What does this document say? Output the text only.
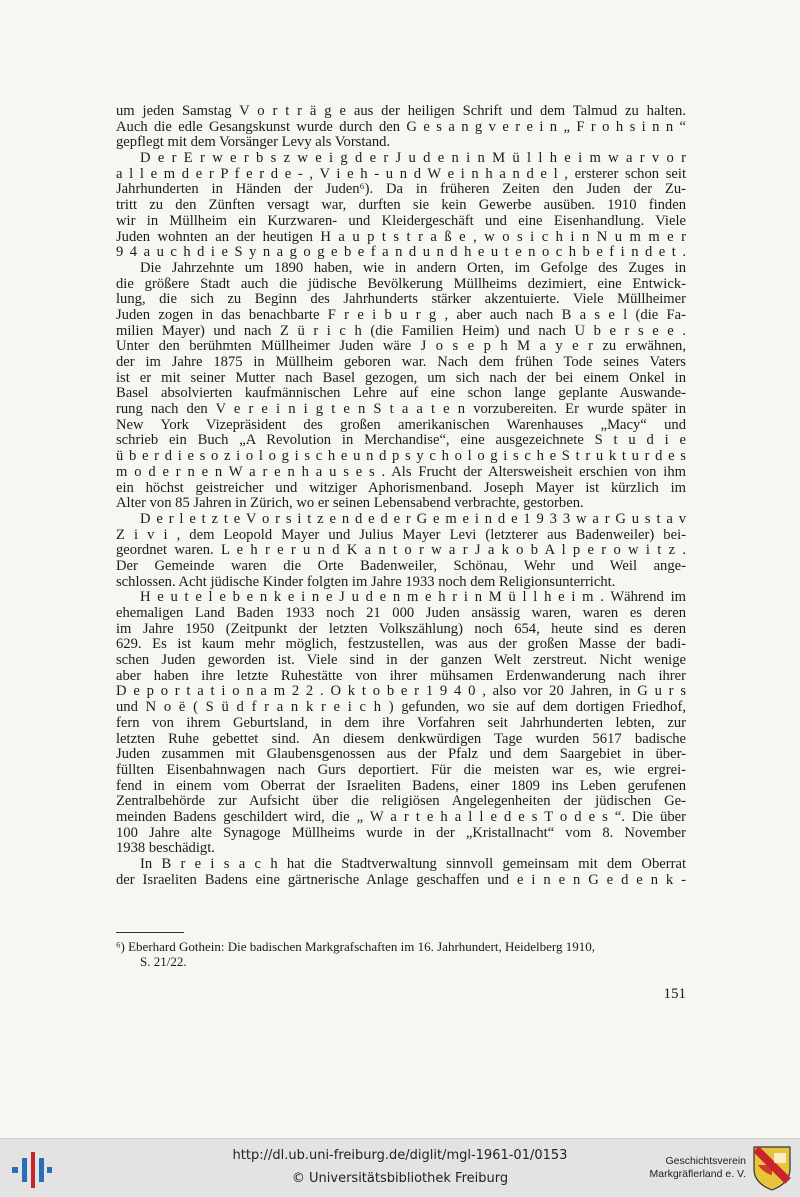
um jeden Samstag V o r t r ä g e aus der heiligen Schrift und dem Talmud zu halten.
Auch die edle Gesangskunst wurde durch den G e s a n g v e r e i n „ F r o h s i n n “
gepflegt mit dem Vorsänger Levy als Vorstand.
D e r E r w e r b s z w e i g d e r J u d e n i n M ü l l h e i m w a r v o r
a l l e m d e r P f e r d e - , V i e h - u n d W e i n h a n d e l , ersterer schon seit
Jahrhunderten in Händen der Juden⁶). Da in früheren Zeiten den Juden der Zu-
tritt zu den Zünften versagt war, durften sie kein Gewerbe ausüben. 1910 finden
wir in Müllheim ein Kurzwaren- und Kleidergeschäft und eine Eisenhandlung. Viele
Juden wohnten an der heutigen H a u p t s t r a ß e , w o s i c h i n N u m m e r
9 4 a u c h d i e S y n a g o g e b e f a n d u n d h e u t e n o c h b e f i n d e t .
Die Jahrzehnte um 1890 haben, wie in andern Orten, im Gefolge des Zuges in
die größere Stadt auch die jüdische Bevölkerung Müllheims dezimiert, eine Entwick-
lung, die sich zu Beginn des Jahrhunderts stärker akzentuierte. Viele Müllheimer
Juden zogen in das benachbarte F r e i b u r g , aber auch nach B a s e l (die Fa-
milien Mayer) und nach Z ü r i c h (die Familien Heim) und nach Ü b e r s e e .
Unter den berühmten Müllheimer Juden wäre J o s e p h M a y e r zu erwähnen,
der im Jahre 1875 in Müllheim geboren war. Nach dem frühen Tode seines Vaters
ist er mit seiner Mutter nach Basel gezogen, um sich nach der bei einem Onkel in
Basel absolvierten kaufmännischen Lehre auf eine schon lange geplante Auswande-
rung nach den V e r e i n i g t e n S t a a t e n vorzubereiten. Er wurde später in
New York Vizepräsident des großen amerikanischen Warenhauses „Macy“ und
schrieb ein Buch „A Revolution in Merchandise“, eine ausgezeichnete S t u d i e
ü b e r d i e s o z i o l o g i s c h e u n d p s y c h o l o g i s c h e S t r u k t u r d e s
m o d e r n e n W a r e n h a u s e s . Als Frucht der Altersweisheit erschien von ihm
ein höchst geistreicher und witziger Aphorismenband. Joseph Mayer ist kürzlich im
Alter von 85 Jahren in Zürich, wo er seinen Lebensabend verbrachte, gestorben.
D e r l e t z t e V o r s i t z e n d e d e r G e m e i n d e 1 9 3 3 w a r G u s t a v
Z i v i , dem Leopold Mayer und Julius Mayer Levi (letzterer aus Badenweiler) bei-
geordnet waren. L e h r e r u n d K a n t o r w a r J a k o b A l p e r o w i t z .
Der Gemeinde waren die Orte Badenweiler, Schönau, Wehr und Weil ange-
schlossen. Acht jüdische Kinder folgten im Jahre 1933 noch dem Religionsunterricht.
H e u t e l e b e n k e i n e J u d e n m e h r i n M ü l l h e i m . Während im
ehemaligen Land Baden 1933 noch 21 000 Juden ansässig waren, waren es deren
im Jahre 1950 (Zeitpunkt der letzten Volkszählung) noch 654, heute sind es deren
629. Es ist kaum mehr möglich, festzustellen, was aus der großen Masse der badi-
schen Juden geworden ist. Viele sind in der ganzen Welt zerstreut. Nicht wenige
aber haben ihre letzte Ruhestätte von ihrer mühsamen Erdenwanderung nach ihrer
D e p o r t a t i o n a m 2 2 . O k t o b e r 1 9 4 0 , also vor 20 Jahren, in G u r s
und N o ë ( S ü d f r a n k r e i c h ) gefunden, wo sie auf dem dortigen Friedhof,
fern von ihrem Geburtsland, in dem ihre Vorfahren seit Jahrhunderten lebten, zur
letzten Ruhe gebettet sind. An diesem denkwürdigen Tage wurden 5617 badische
Juden zusammen mit Glaubensgenossen aus der Pfalz und dem Saargebiet in über-
füllten Eisenbahnwagen nach Gurs deportiert. Für die meisten war es, wie ergrei-
fend in einem vom Oberrat der Israeliten Badens, einer 1809 ins Leben gerufenen
Zentralbehörde zur Aufsicht über die religiösen Angelegenheiten der jüdischen Ge-
meinden Badens geschildert wird, die „ W a r t e h a l l e d e s T o d e s “. Die über
100 Jahre alte Synagoge Müllheims wurde in der „Kristallnacht“ vom 8. November
1938 beschädigt.
In B r e i s a c h hat die Stadtverwaltung sinnvoll gemeinsam mit dem Oberrat
der Israeliten Badens eine gärtnerische Anlage geschaffen und e i n e n G e d e n k -
⁶) Eberhard Gothein: Die badischen Markgrafschaften im 16. Jahrhundert, Heidelberg 1910,
S. 21/22.
151
http://dl.ub.uni-freiburg.de/diglit/mgl-1961-01/0153
© Universitätsbibliothek Freiburg
Geschichtsverein
Markgräflerland e. V.
